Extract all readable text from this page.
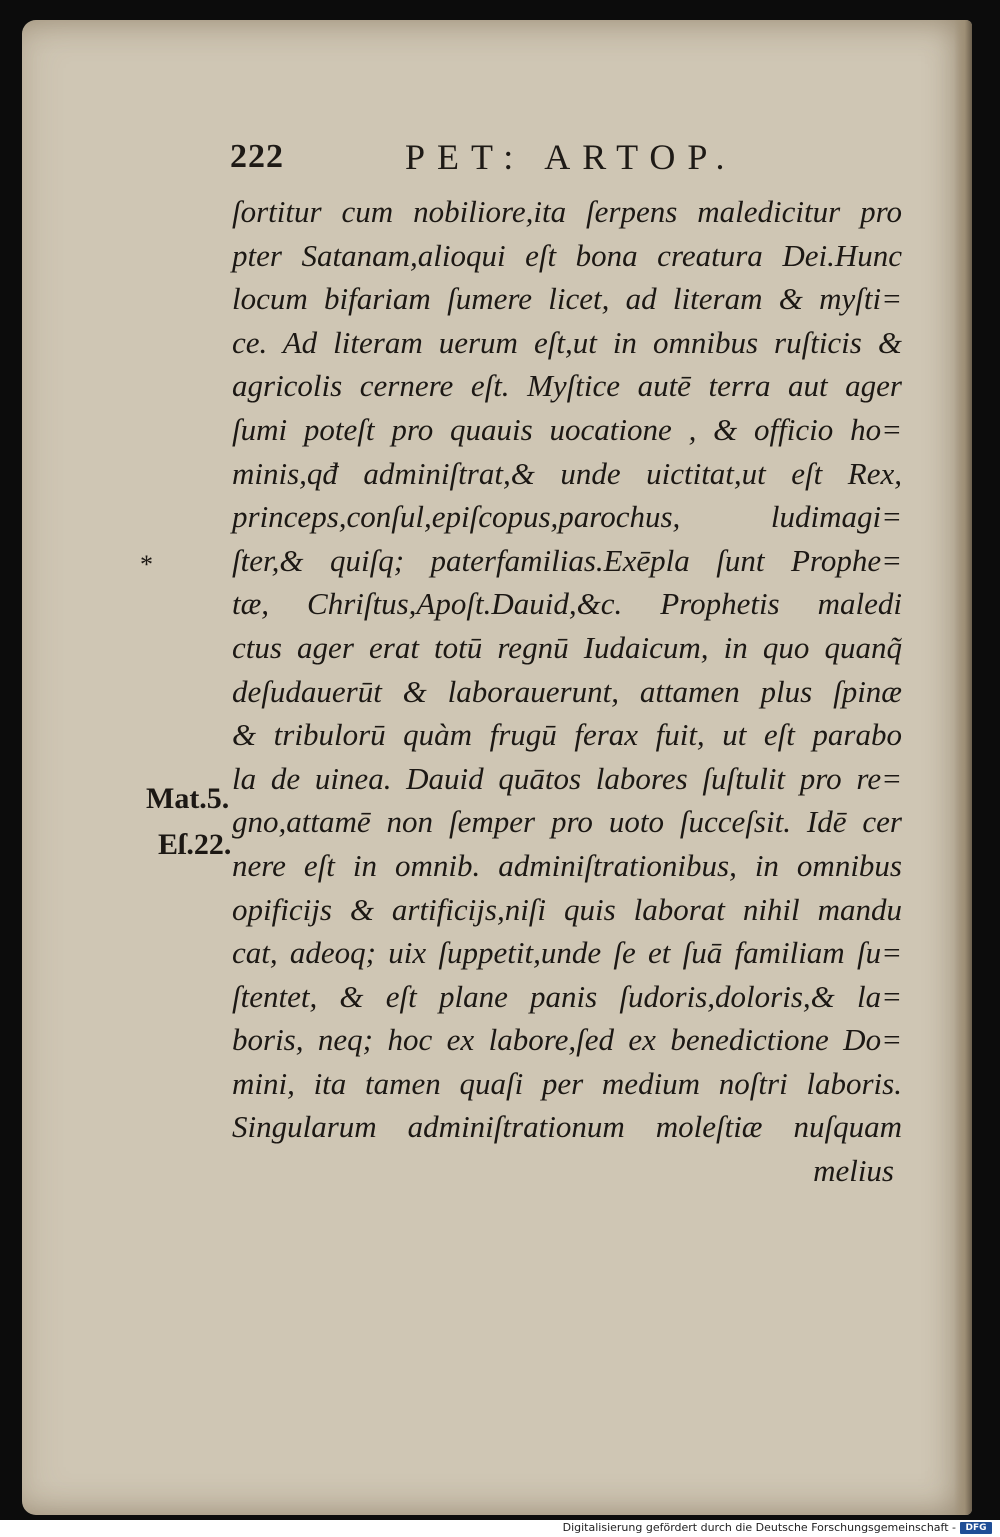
222	PET: ARTOP.
ſortitur cum nobiliore,ita ſerpens maledicitur pro
pter Satanam,alioqui eſt bona creatura Dei.Hunc
locum bifariam ſumere licet, ad literam & myſti=
ce. Ad literam uerum eſt,ut in omnibus ruſticis &
agricolis cernere eſt. Myſtice autē terra aut ager
ſumi poteſt pro quauis uocatione , & officio ho=
minis,qđ adminiſtrat,& unde uictitat,ut eſt Rex,
princeps,conſul,epiſcopus,parochus, ludimagi=
ſter,& quiſq; paterfamilias.Exēpla ſunt Prophe=
tæ, Chriſtus,Apoſt.Dauid,&c. Prophetis maledi
ctus ager erat totū regnū Iudaicum, in quo quanq̃
deſudauerūt & laborauerunt, attamen plus ſpinæ
& tribulorū quàm frugū ferax fuit, ut eſt parabo
la de uinea. Dauid quātos labores ſuſtulit pro re=
gno,attamē non ſemper pro uoto ſucceſsit. Idē cer
nere eſt in omnib. adminiſtrationibus, in omnibus
opificijs & artificijs,niſi quis laborat nihil mandu
cat, adeoq; uix ſuppetit,unde ſe et ſuā familiam ſu=
ſtentet, & eſt plane panis ſudoris,doloris,& la=
boris, neq; hoc ex labore,ſed ex benedictione Do=
mini, ita tamen quaſi per medium noſtri laboris.
Singularum adminiſtrationum moleſtiæ nuſquam
melius
*
Mat.5.
Eſ.22.
Digitalisierung gefördert durch die Deutsche Forschungsgemeinschaft -	DFG
